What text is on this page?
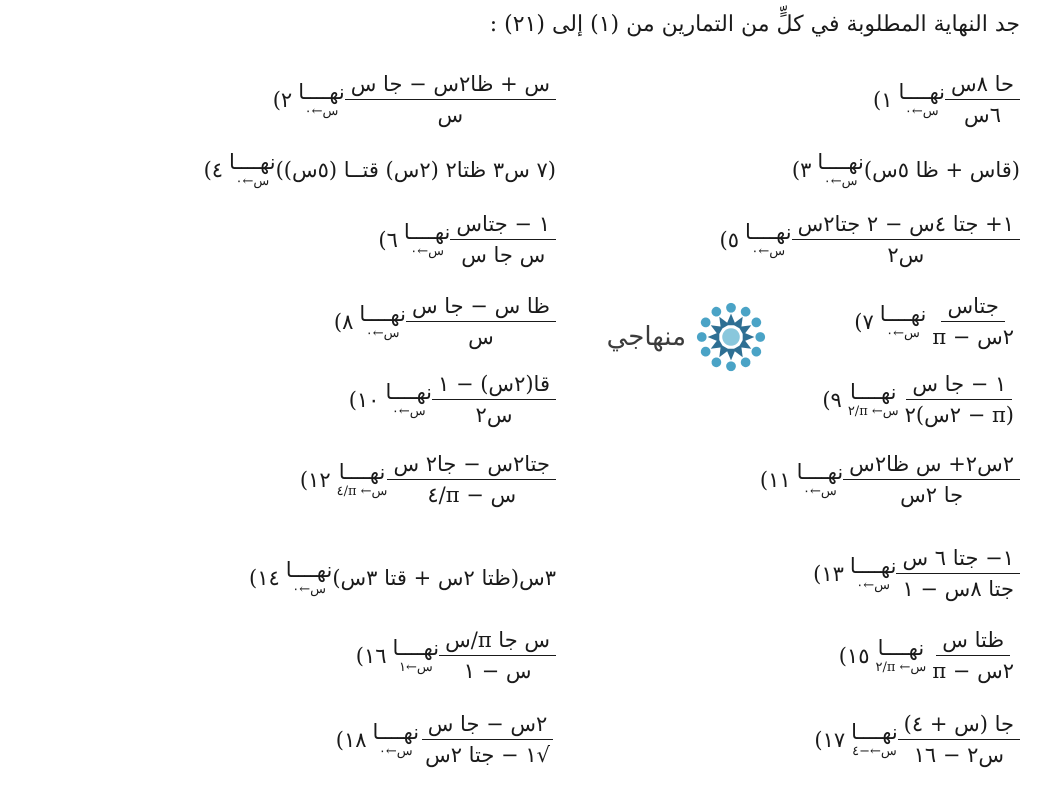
جد النهاية المطلوبة في كلٍّ من التمارين من (١) إلى (٢١) :
منهاجي
١) نهــــا
س←٠ $\frac{\text{حا ٨س}}{\text{٦س}}$
٣) نهــــا
س←٠ (قاس + ظا ٥س)
٥) نهــــا
س←٠ $\frac{\text{١+ جتا ٤س − ٢ جتا٢س}}{\text{س٢}}$
٧) نهــــا
س←٠ $\frac{\text{جتاس}}{\text{٢س − π}}$
٩) نهــــا
س← π/٢ $\frac{\text{١ − جا س}}{\text{(π − ٢س)٢}}$
١١) نهــــا
س←٠ $\frac{\text{٢س٢+ س ظا٢س}}{\text{جا ٢س}}$
١٣) نهــــا
س←٠ $\frac{\text{١− جتا ٦ س}}{\text{جتا ٨س − ١}}$
١٥) نهــــا
س← π/٢ $\frac{\text{ظتا س}}{\text{٢س − π}}$
١٧) نهــــا
س←−٤ $\frac{\text{جا (س + ٤)}}{\text{س٢ − ١٦}}$
٢) نهــــا
س←٠ $\frac{\text{س + ظا٢س − جا س}}{\text{س}}$
٤) نهــــا
س←٠ (٧ س٣ ظتا٢ (٢س) قتــا (٥س))
٦) نهــــا
س←٠ $\frac{\text{١ − جتاس}}{\text{س جا س}}$
٨) نهــــا
س←٠ $\frac{\text{ظا س − جا س}}{\text{س}}$
١٠) نهــــا
س←٠ $\frac{\text{قا(٢س) − ١}}{\text{س٢}}$
١٢) نهــــا
س← π/٤ $\frac{\text{جتا٢س − جا٢ س}}{\text{س − π/٤}}$
١٤) نهــــا
س←٠ ٣س(ظتا ٢س + قتا ٣س)
١٦) نهــــا
س←١ $\frac{\text{س جا π/س}}{\text{س − ١}}$
١٨) نهــــا
س←٠ $\frac{\text{٢س − جا س}}{\text{√١ − جتا ٢س}}$
